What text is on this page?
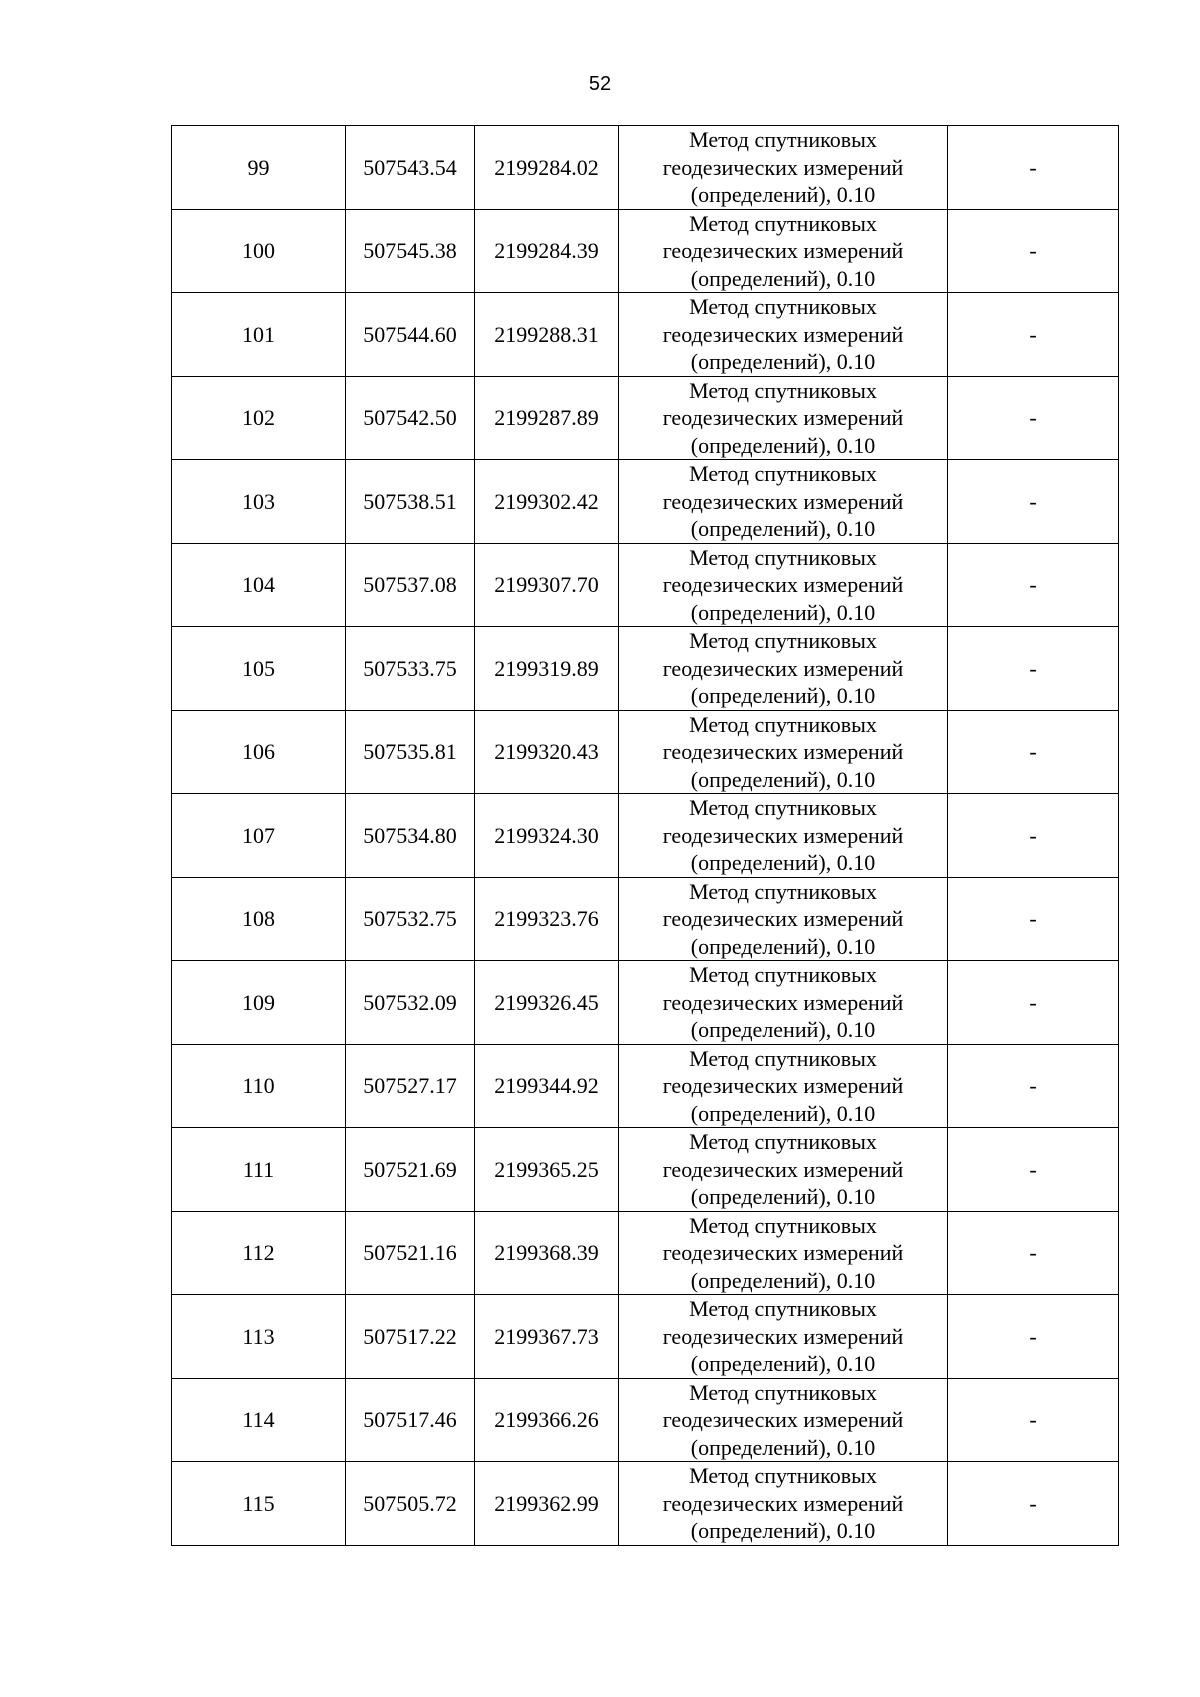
52
99	507543.54	2199284.02	Метод спутниковых
геодезических измерений
(определений), 0.10	-
100	507545.38	2199284.39	Метод спутниковых
геодезических измерений
(определений), 0.10	-
101	507544.60	2199288.31	Метод спутниковых
геодезических измерений
(определений), 0.10	-
102	507542.50	2199287.89	Метод спутниковых
геодезических измерений
(определений), 0.10	-
103	507538.51	2199302.42	Метод спутниковых
геодезических измерений
(определений), 0.10	-
104	507537.08	2199307.70	Метод спутниковых
геодезических измерений
(определений), 0.10	-
105	507533.75	2199319.89	Метод спутниковых
геодезических измерений
(определений), 0.10	-
106	507535.81	2199320.43	Метод спутниковых
геодезических измерений
(определений), 0.10	-
107	507534.80	2199324.30	Метод спутниковых
геодезических измерений
(определений), 0.10	-
108	507532.75	2199323.76	Метод спутниковых
геодезических измерений
(определений), 0.10	-
109	507532.09	2199326.45	Метод спутниковых
геодезических измерений
(определений), 0.10	-
110	507527.17	2199344.92	Метод спутниковых
геодезических измерений
(определений), 0.10	-
111	507521.69	2199365.25	Метод спутниковых
геодезических измерений
(определений), 0.10	-
112	507521.16	2199368.39	Метод спутниковых
геодезических измерений
(определений), 0.10	-
113	507517.22	2199367.73	Метод спутниковых
геодезических измерений
(определений), 0.10	-
114	507517.46	2199366.26	Метод спутниковых
геодезических измерений
(определений), 0.10	-
115	507505.72	2199362.99	Метод спутниковых
геодезических измерений
(определений), 0.10	-
